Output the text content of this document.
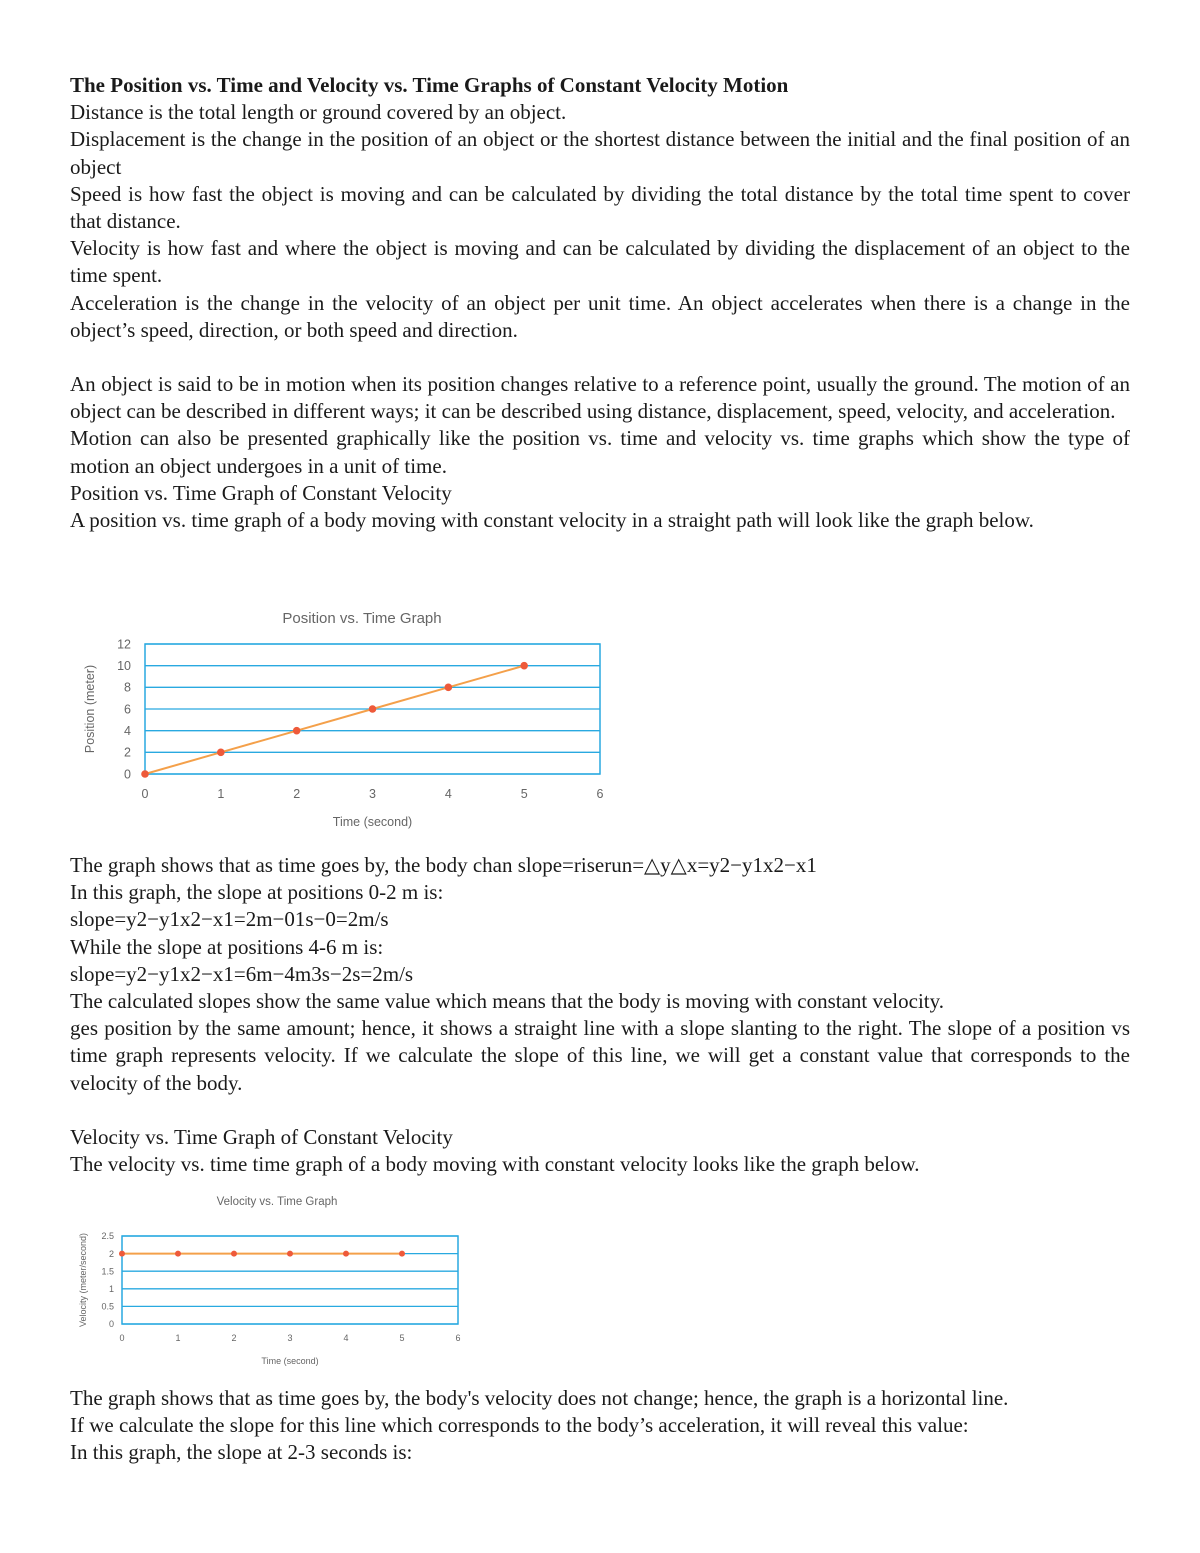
The Position vs. Time and Velocity vs. Time Graphs of Constant Velocity Motion

Distance is the total length or ground covered by an object.

Displacement is the change in the position of an object or the shortest distance between the initial and the final position of an object

Speed is how fast the object is moving and can be calculated by dividing the total distance by the total time spent to cover that distance.

Velocity is how fast and where the object is moving and can be calculated by dividing the displacement of an object to the time spent.

Acceleration is the change in the velocity of an object per unit time. An object accelerates when there is a change in the object’s speed, direction, or both speed and direction.

An object is said to be in motion when its position changes relative to a reference point, usually the ground. The motion of an object can be described in different ways; it can be described using distance, displacement, speed, velocity, and acceleration.

Motion can also be presented graphically like the position vs. time and velocity vs. time graphs which show the type of motion an object undergoes in a unit of time.

Position vs. Time Graph of Constant Velocity

A position vs. time graph of a body moving with constant velocity in a straight path will look like the graph below.

Position vs. Time Graph
0
2
4
6
8
10
12
0	1	2	3	4	5	6
Time (second)
Position (meter)

The graph shows that as time goes by, the body chan slope=riserun=△y△x=y2−y1x2−x1

In this graph, the slope at positions 0-2 m is:

slope=y2−y1x2−x1=2m−01s−0=2m/s

While the slope at positions 4-6 m is:

slope=y2−y1x2−x1=6m−4m3s−2s=2m/s

The calculated slopes show the same value which means that the body is moving with constant velocity.

ges position by the same amount; hence, it shows a straight line with a slope slanting to the right. The slope of a position vs time graph represents velocity. If we calculate the slope of this line, we will get a constant value that corresponds to the velocity of the body.

Velocity vs. Time Graph of Constant Velocity

The velocity vs. time time graph of a body moving with constant velocity looks like the graph below.

Velocity vs. Time Graph
0
0.5
1
1.5
2
2.5
0	1	2	3	4	5	6
Time (second)
Velocity (meter/second)

The graph shows that as time goes by, the body's velocity does not change; hence, the graph is a horizontal line.

If we calculate the slope for this line which corresponds to the body’s acceleration, it will reveal this value:

In this graph, the slope at 2-3 seconds is:
